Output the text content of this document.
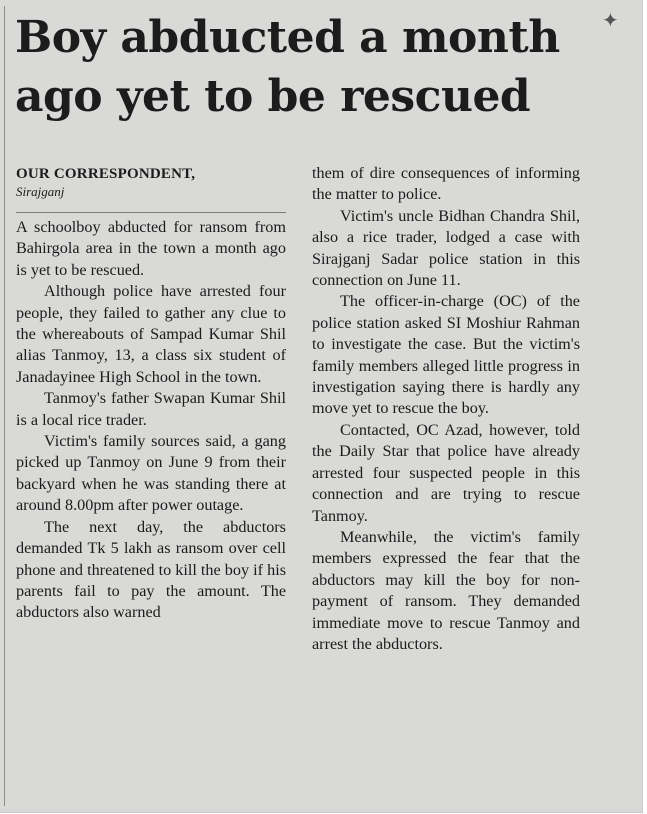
Boy abducted a month ago yet to be rescued
✦
OUR CORRESPONDENT,
Sirajganj

A schoolboy abducted for ransom from Bahirgola area in the town a month ago is yet to be rescued.

Although police have arrested four people, they failed to gather any clue to the whereabouts of Sampad Kumar Shil alias Tanmoy, 13, a class six student of Janadayinee High School in the town.

Tanmoy's father Swapan Kumar Shil is a local rice trader.

Victim's family sources said, a gang picked up Tanmoy on June 9 from their backyard when he was standing there at around 8.00pm after power outage.

The next day, the abductors demanded Tk 5 lakh as ransom over cell phone and threatened to kill the boy if his parents fail to pay the amount. The abductors also warned

them of dire consequences of informing the matter to police.

Victim's uncle Bidhan Chandra Shil, also a rice trader, lodged a case with Sirajganj Sadar police station in this connection on June 11.

The officer-in-charge (OC) of the police station asked SI Moshiur Rahman to investigate the case. But the victim's family members alleged little progress in investigation saying there is hardly any move yet to rescue the boy.

Contacted, OC Azad, however, told the Daily Star that police have already arrested four suspected people in this connection and are trying to rescue Tanmoy.

Meanwhile, the victim's family members expressed the fear that the abductors may kill the boy for non-payment of ransom. They demanded immediate move to rescue Tanmoy and arrest the abductors.
